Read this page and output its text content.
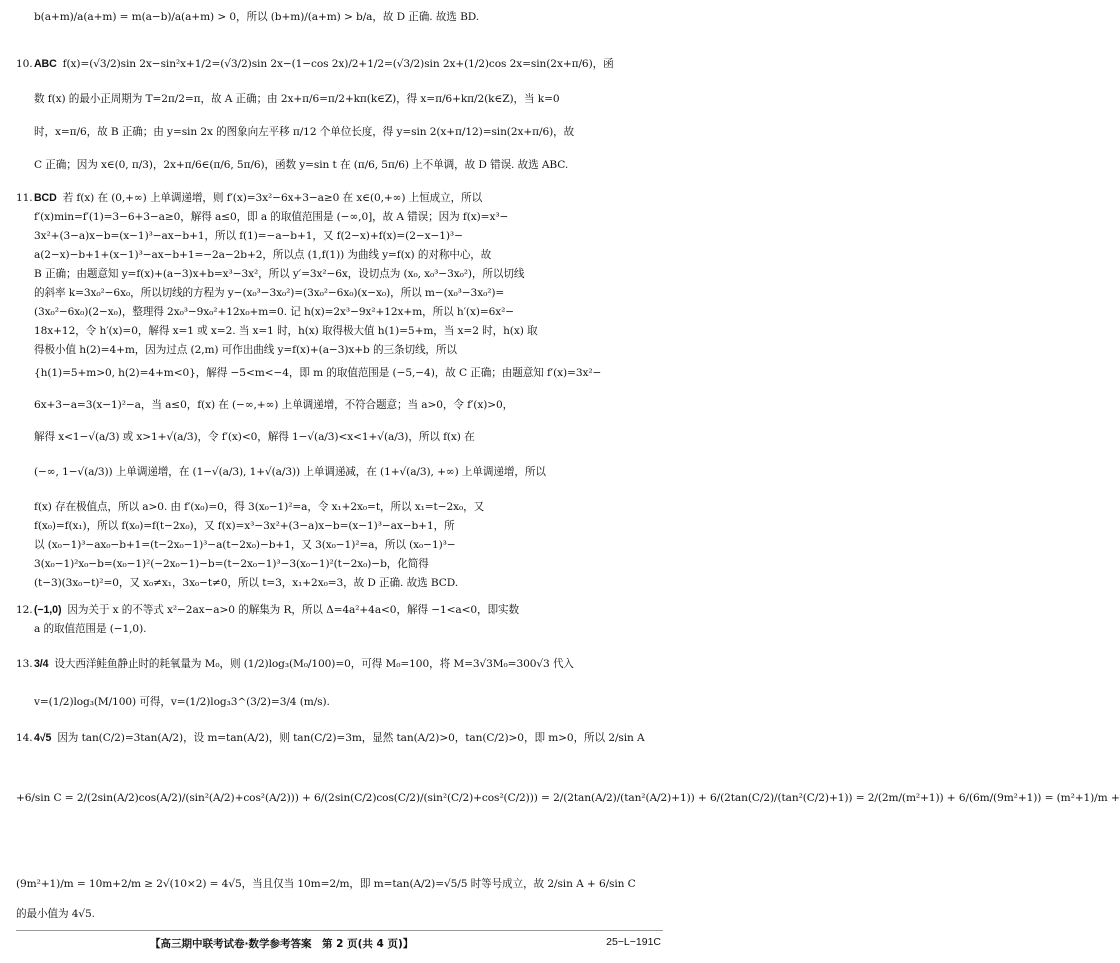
b(a+m)/a(a+m) = m(a−b)/a(a+m) > 0，所以 (b+m)/(a+m) > b/a，故 D 正确. 故选 BD.
10.ABC f(x)=(√3/2)sin 2x−sin²x+1/2=(√3/2)sin 2x−(1−cos 2x)/2+1/2=(√3/2)sin 2x+(1/2)cos 2x=sin(2x+π/6)，函
数 f(x) 的最小正周期为 T=2π/2=π，故 A 正确；由 2x+π/6=π/2+kπ(k∈Z)，得 x=π/6+kπ/2(k∈Z)，当 k=0
时，x=π/6，故 B 正确；由 y=sin 2x 的图象向左平移 π/12 个单位长度，得 y=sin 2(x+π/12)=sin(2x+π/6)，故
C 正确；因为 x∈(0, π/3)，2x+π/6∈(π/6, 5π/6)，函数 y=sin t 在 (π/6, 5π/6) 上不单调，故 D 错误. 故选 ABC.
11.BCD 若 f(x) 在 (0,+∞) 上单调递增，则 f′(x)=3x²−6x+3−a≥0 在 x∈(0,+∞) 上恒成立，所以
f′(x)min=f′(1)=3−6+3−a≥0，解得 a≤0，即 a 的取值范围是 (−∞,0]，故 A 错误；因为 f(x)=x³−
3x²+(3−a)x−b=(x−1)³−ax−b+1，所以 f(1)=−a−b+1，又 f(2−x)+f(x)=(2−x−1)³−
a(2−x)−b+1+(x−1)³−ax−b+1=−2a−2b+2，所以点 (1,f(1)) 为曲线 y=f(x) 的对称中心，故
B 正确；由题意知 y=f(x)+(a−3)x+b=x³−3x²，所以 y′=3x²−6x，设切点为 (x₀, x₀³−3x₀²)，所以切线
的斜率 k=3x₀²−6x₀，所以切线的方程为 y−(x₀³−3x₀²)=(3x₀²−6x₀)(x−x₀)，所以 m−(x₀³−3x₀²)=
(3x₀²−6x₀)(2−x₀)，整理得 2x₀³−9x₀²+12x₀+m=0. 记 h(x)=2x³−9x²+12x+m，所以 h′(x)=6x²−
18x+12，令 h′(x)=0，解得 x=1 或 x=2. 当 x=1 时，h(x) 取得极大值 h(1)=5+m，当 x=2 时，h(x) 取
得极小值 h(2)=4+m，因为过点 (2,m) 可作出曲线 y=f(x)+(a−3)x+b 的三条切线，所以
{h(1)=5+m>0, h(2)=4+m<0}，解得 −5<m<−4，即 m 的取值范围是 (−5,−4)，故 C 正确；由题意知 f′(x)=3x²−
6x+3−a=3(x−1)²−a，当 a≤0，f(x) 在 (−∞,+∞) 上单调递增，不符合题意；当 a>0，令 f′(x)>0，
解得 x<1−√(a/3) 或 x>1+√(a/3)，令 f′(x)<0，解得 1−√(a/3)<x<1+√(a/3)，所以 f(x) 在
(−∞, 1−√(a/3)) 上单调递增，在 (1−√(a/3), 1+√(a/3)) 上单调递减，在 (1+√(a/3), +∞) 上单调递增，所以
f(x) 存在极值点，所以 a>0. 由 f′(x₀)=0，得 3(x₀−1)²=a，令 x₁+2x₀=t，所以 x₁=t−2x₀，又
f(x₀)=f(x₁)，所以 f(x₀)=f(t−2x₀)，又 f(x)=x³−3x²+(3−a)x−b=(x−1)³−ax−b+1，所
以 (x₀−1)³−ax₀−b+1=(t−2x₀−1)³−a(t−2x₀)−b+1，又 3(x₀−1)²=a，所以 (x₀−1)³−
3(x₀−1)²x₀−b=(x₀−1)²(−2x₀−1)−b=(t−2x₀−1)³−3(x₀−1)²(t−2x₀)−b，化简得
(t−3)(3x₀−t)²=0，又 x₀≠x₁，3x₀−t≠0，所以 t=3，x₁+2x₀=3，故 D 正确. 故选 BCD.
12.(−1,0) 因为关于 x 的不等式 x²−2ax−a>0 的解集为 R，所以 Δ=4a²+4a<0，解得 −1<a<0，即实数
a 的取值范围是 (−1,0).
13.3/4 设大西洋鲑鱼静止时的耗氧量为 M₀，则 (1/2)log₃(M₀/100)=0，可得 M₀=100，将 M=3√3M₀=300√3 代入
v=(1/2)log₃(M/100) 可得，v=(1/2)log₃3^(3/2)=3/4 (m/s).
14.4√5 因为 tan(C/2)=3tan(A/2)，设 m=tan(A/2)，则 tan(C/2)=3m，显然 tan(A/2)>0，tan(C/2)>0，即 m>0，所以 2/sin A
+6/sin C = 2/(2sin(A/2)cos(A/2)/(sin²(A/2)+cos²(A/2))) + 6/(2sin(C/2)cos(C/2)/(sin²(C/2)+cos²(C/2))) = 2/(2tan(A/2)/(tan²(A/2)+1)) + 6/(2tan(C/2)/(tan²(C/2)+1)) = 2/(2m/(m²+1)) + 6/(6m/(9m²+1)) = (m²+1)/m +
(9m²+1)/m = 10m+2/m ≥ 2√(10×2) = 4√5，当且仅当 10m=2/m，即 m=tan(A/2)=√5/5 时等号成立，故 2/sin A + 6/sin C
的最小值为 4√5.
【高三期中联考试卷·数学参考答案　第 2 页(共 4 页)】	25−L−191C
